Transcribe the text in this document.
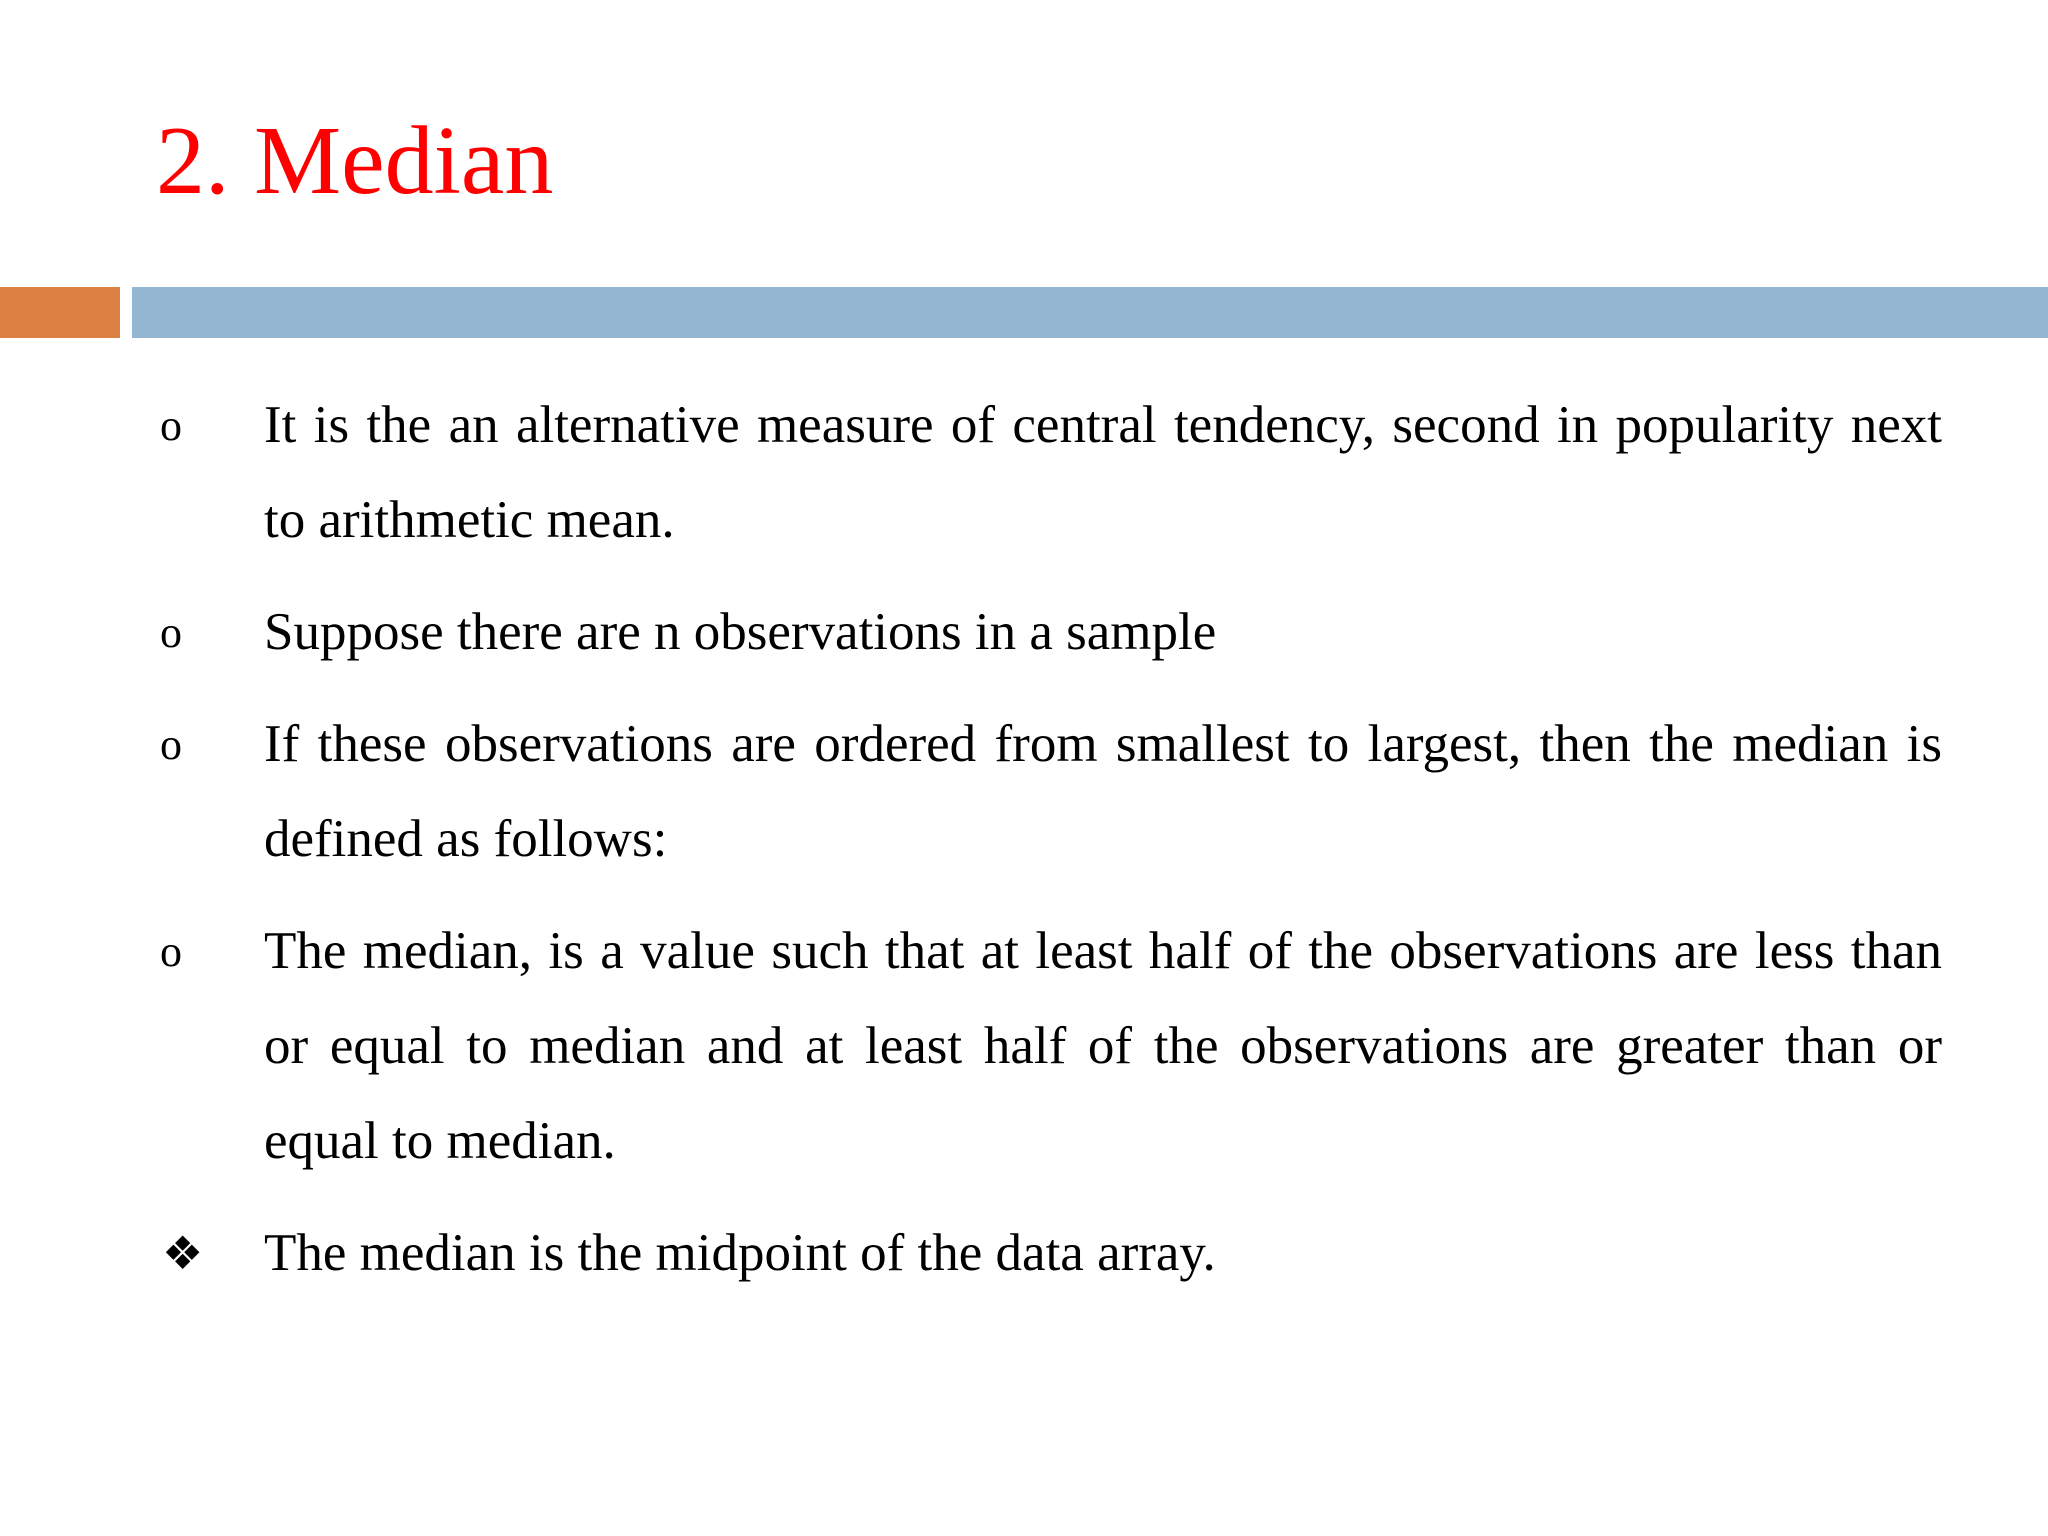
2. Median
o	It is the an alternative measure of central tendency, second in popularity next to arithmetic mean.
o	Suppose there are n observations in a sample
o	If these observations are ordered from smallest to largest, then the median is defined as follows:
o	The median, is a value such that at least half of the observations are less than or equal to median and at least half of the observations are greater than or equal to median.
❖	The median is the midpoint of the data array.
